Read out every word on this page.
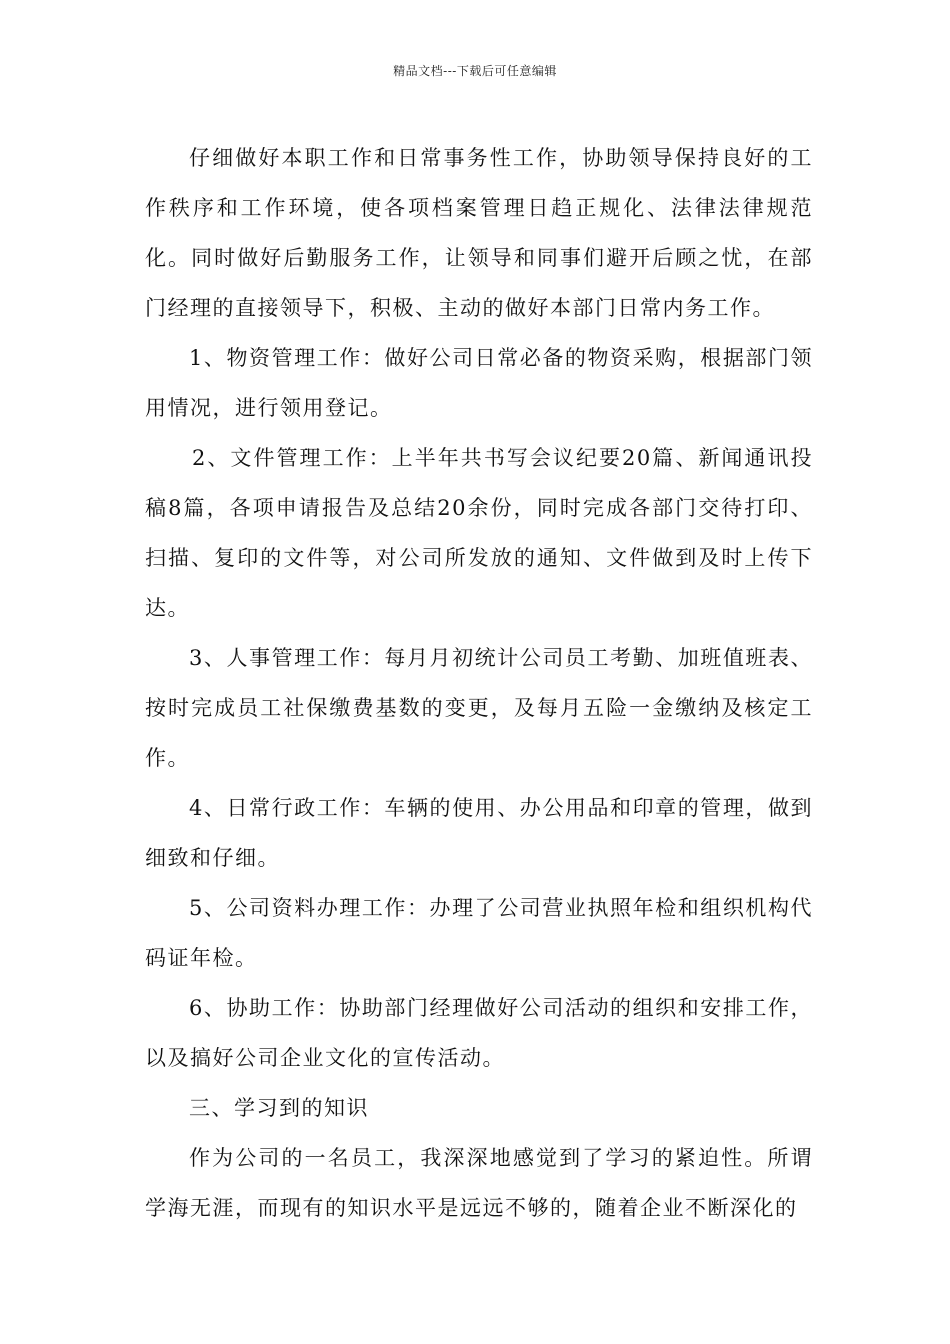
精品文档---下载后可任意编辑

仔细做好本职工作和日常事务性工作，协助领导保持良好的工作秩序和工作环境，使各项档案管理日趋正规化、法律法律规范化。同时做好后勤服务工作，让领导和同事们避开后顾之忧，在部门经理的直接领导下，积极、主动的做好本部门日常内务工作。

1、物资管理工作：做好公司日常必备的物资采购，根据部门领用情况，进行领用登记。

2、文件管理工作：上半年共书写会议纪要20篇、新闻通讯投稿8篇，各项申请报告及总结20余份，同时完成各部门交待打印、扫描、复印的文件等，对公司所发放的通知、文件做到及时上传下达。

3、人事管理工作：每月月初统计公司员工考勤、加班值班表、按时完成员工社保缴费基数的变更，及每月五险一金缴纳及核定工作。

4、日常行政工作：车辆的使用、办公用品和印章的管理，做到细致和仔细。

5、公司资料办理工作：办理了公司营业执照年检和组织机构代码证年检。

6、协助工作：协助部门经理做好公司活动的组织和安排工作，以及搞好公司企业文化的宣传活动。

三、学习到的知识

作为公司的一名员工，我深深地感觉到了学习的紧迫性。所谓学海无涯，而现有的知识水平是远远不够的，随着企业不断深化的
